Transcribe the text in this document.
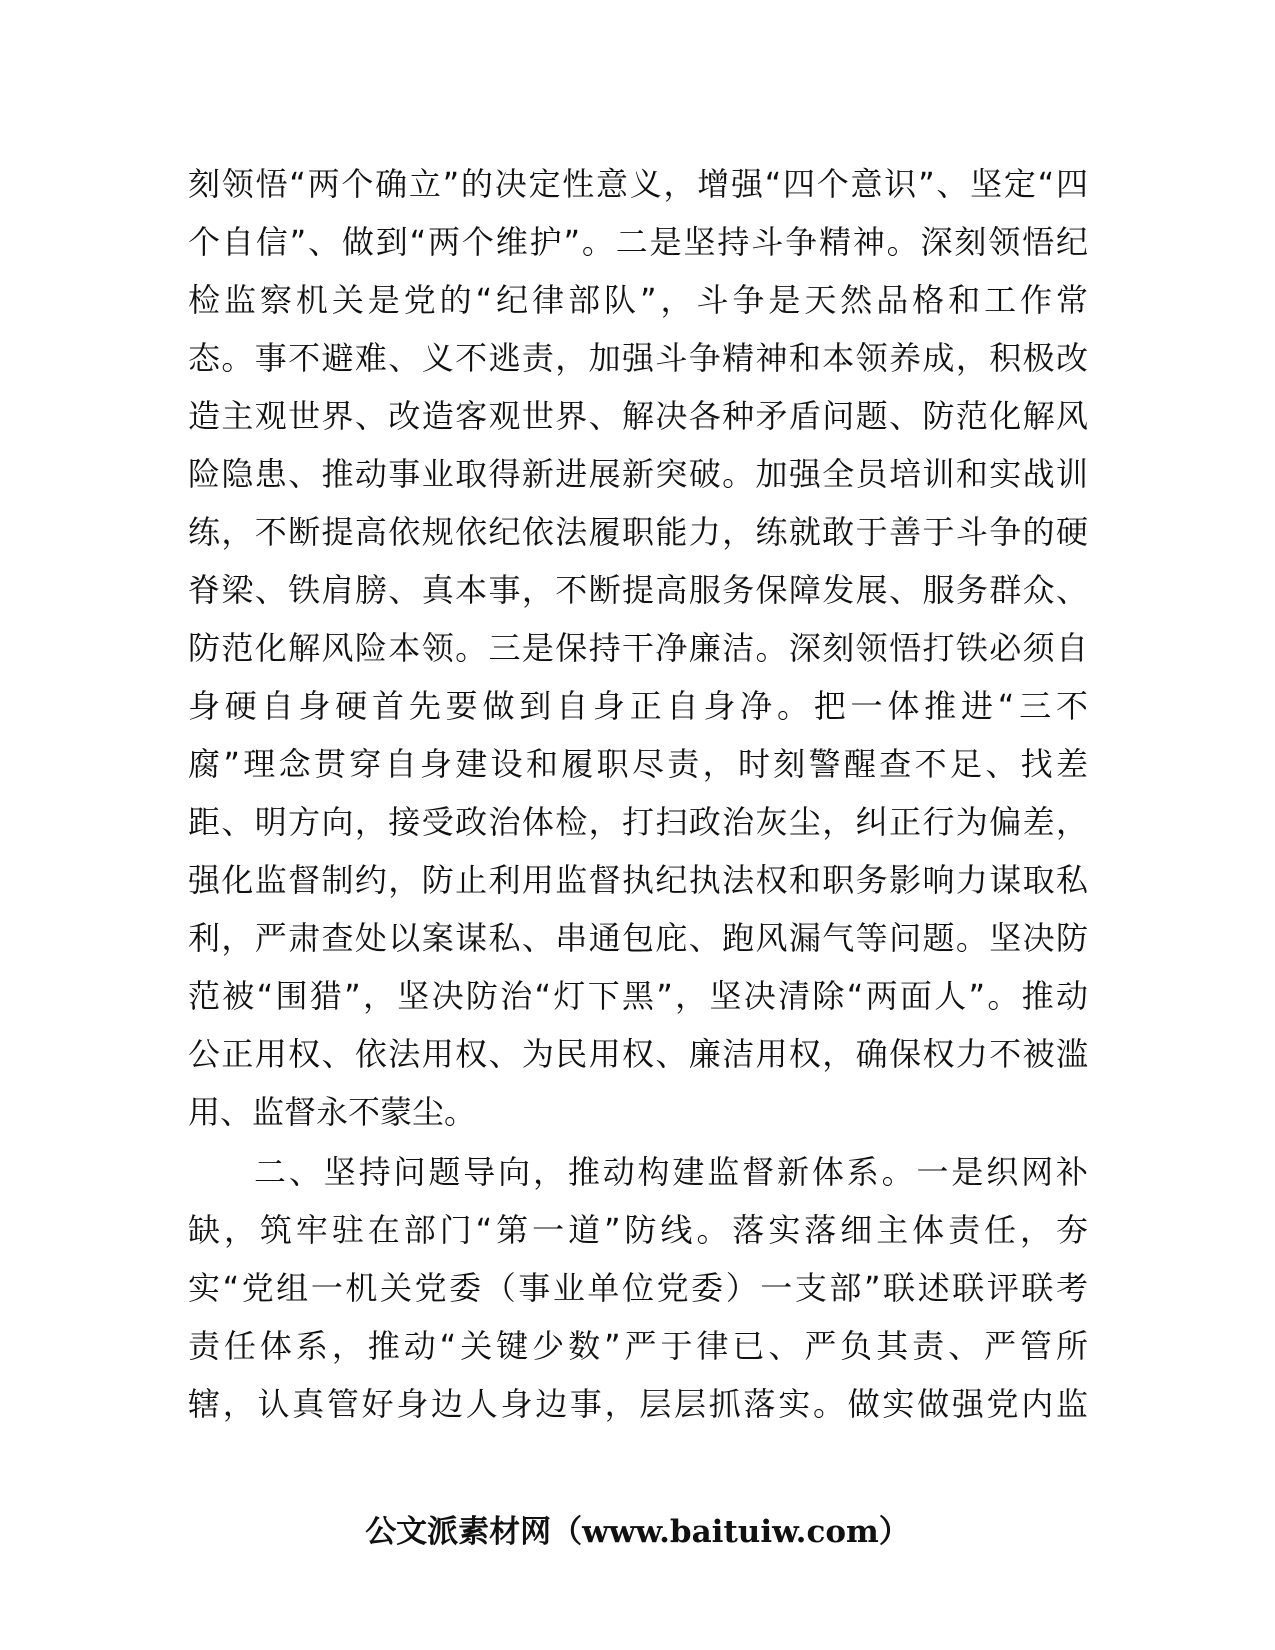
刻领悟“两个确立”的决定性意义，增强“四个意识”、坚定“四
个自信”、做到“两个维护”。二是坚持斗争精神。深刻领悟纪
检监察机关是党的“纪律部队”，斗争是天然品格和工作常
态。事不避难、义不逃责，加强斗争精神和本领养成，积极改
造主观世界、改造客观世界、解决各种矛盾问题、防范化解风
险隐患、推动事业取得新进展新突破。加强全员培训和实战训
练，不断提高依规依纪依法履职能力，练就敢于善于斗争的硬
脊梁、铁肩膀、真本事，不断提高服务保障发展、服务群众、
防范化解风险本领。三是保持干净廉洁。深刻领悟打铁必须自
身硬自身硬首先要做到自身正自身净。把一体推进“三不
腐”理念贯穿自身建设和履职尽责，时刻警醒查不足、找差
距、明方向，接受政治体检，打扫政治灰尘，纠正行为偏差，
强化监督制约，防止利用监督执纪执法权和职务影响力谋取私
利，严肃查处以案谋私、串通包庇、跑风漏气等问题。坚决防
范被“围猎”，坚决防治“灯下黑”，坚决清除“两面人”。推动
公正用权、依法用权、为民用权、廉洁用权，确保权力不被滥
用、监督永不蒙尘。
二、坚持问题导向，推动构建监督新体系。一是织网补
缺，筑牢驻在部门“第一道”防线。落实落细主体责任，夯
实“党组一机关党委（事业单位党委）一支部”联述联评联考
责任体系，推动“关键少数”严于律已、严负其责、严管所
辖，认真管好身边人身边事，层层抓落实。做实做强党内监
公文派素材网（www.baituiw.com）
